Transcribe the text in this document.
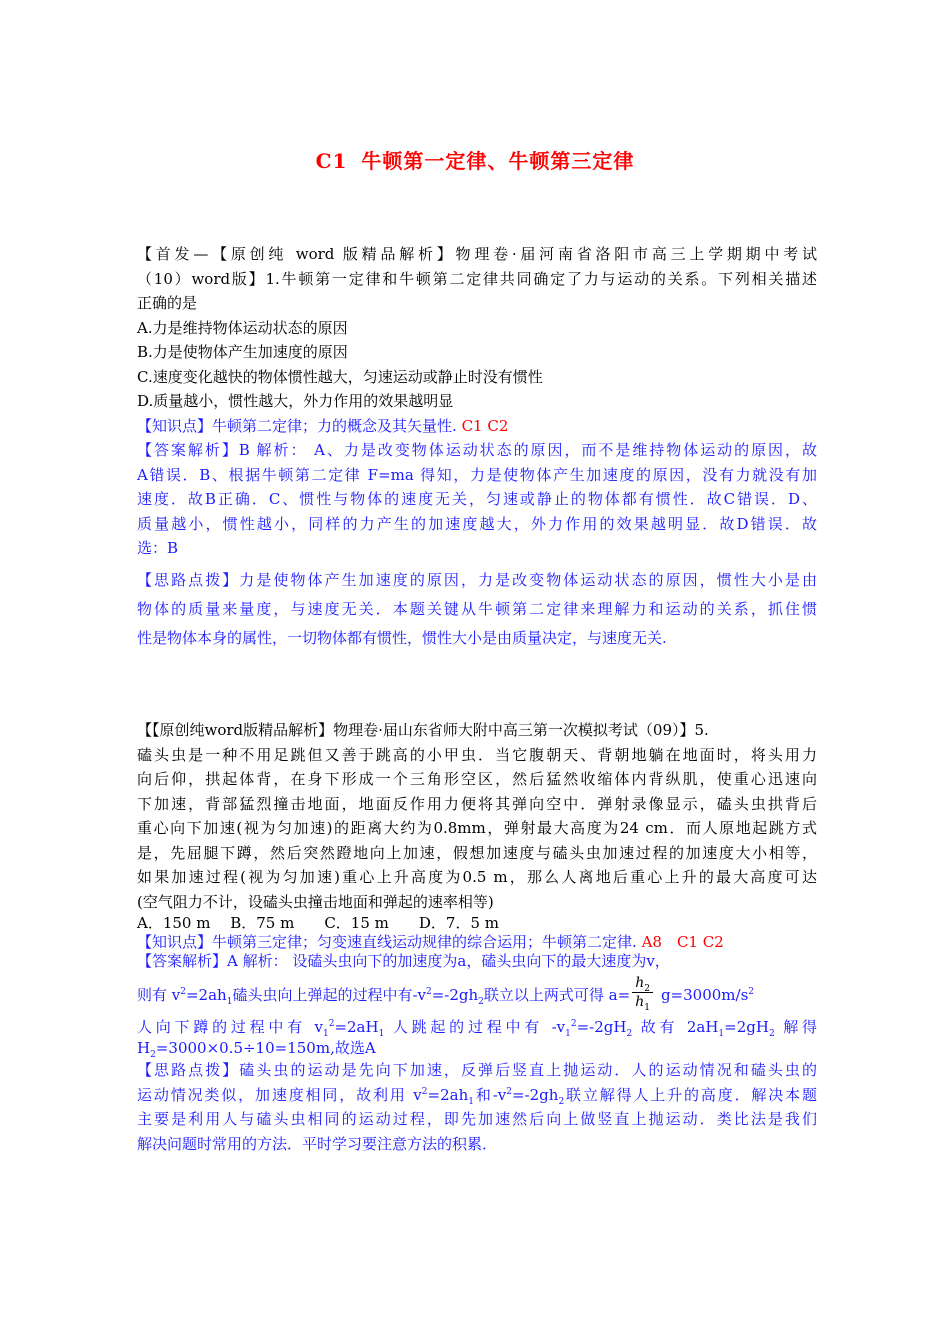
C1 牛顿第一定律、牛顿第三定律
【首发—【原创纯 word 版精品解析】物理卷·届河南省洛阳市高三上学期期中考试
（10）word版】1.牛顿第一定律和牛顿第二定律共同确定了力与运动的关系。下列相关描述
正确的是
A.力是维持物体运动状态的原因
B.力是使物体产生加速度的原因
C.速度变化越快的物体惯性越大，匀速运动或静止时没有惯性
D.质量越小，惯性越大，外力作用的效果越明显
【知识点】牛顿第二定律；力的概念及其矢量性. C1 C2
【答案解析】B 解析： A、力是改变物体运动状态的原因，而不是维持物体运动的原因，故
A错误．B、根据牛顿第二定律 F=ma 得知，力是使物体产生加速度的原因，没有力就没有加
速度．故B正确．C、惯性与物体的速度无关，匀速或静止的物体都有惯性．故C错误．D、
质量越小，惯性越小，同样的力产生的加速度越大，外力作用的效果越明显．故D错误．故
选：B
【思路点拨】力是使物体产生加速度的原因，力是改变物体运动状态的原因，惯性大小是由
物体的质量来量度，与速度无关．本题关键从牛顿第二定律来理解力和运动的关系，抓住惯
性是物体本身的属性，一切物体都有惯性，惯性大小是由质量决定，与速度无关.
【【原创纯word版精品解析】物理卷·届山东省师大附中高三第一次模拟考试（09）】5.
磕头虫是一种不用足跳但又善于跳高的小甲虫．当它腹朝天、背朝地躺在地面时，将头用力
向后仰，拱起体背，在身下形成一个三角形空区，然后猛然收缩体内背纵肌，使重心迅速向
下加速，背部猛烈撞击地面，地面反作用力便将其弹向空中．弹射录像显示，磕头虫拱背后
重心向下加速(视为匀加速)的距离大约为0.8mm，弹射最大高度为24 cm．而人原地起跳方式
是，先屈腿下蹲，然后突然蹬地向上加速，假想加速度与磕头虫加速过程的加速度大小相等，
如果加速过程(视为匀加速)重心上升高度为0.5 m，那么人离地后重心上升的最大高度可达
(空气阻力不计，设磕头虫撞击地面和弹起的速率相等)
A．150 m　 B．75 m　　C．15 m　　D．7．5 m
【知识点】牛顿第三定律；匀变速直线运动规律的综合运用；牛顿第二定律. A8　C1 C2
【答案解析】A 解析： 设磕头虫向下的加速度为a，磕头虫向下的最大速度为v，
则有 $v^2=2ah_1$磕头虫向上弹起的过程中有$-v^2=-2gh_2$联立以上两式可得 $a= \frac{h_2}{h_1} g=3000m/s^2$
人向下蹲的过程中有 $v_1^2=2aH_1$ 人跳起的过程中有 $-v_1^2=-2gH_2$ 故有 $2aH_1=2gH_2$ 解得
$H_2=3000\times 0.5\div 10=150m$,故选A
【思路点拨】磕头虫的运动是先向下加速，反弹后竖直上抛运动．人的运动情况和磕头虫的
运动情况类似，加速度相同，故利用 $v^2=2ah_1$和$-v^2=-2gh_2$联立解得人上升的高度．解决本题
主要是利用人与磕头虫相同的运动过程，即先加速然后向上做竖直上抛运动．类比法是我们
解决问题时常用的方法．平时学习要注意方法的积累．
